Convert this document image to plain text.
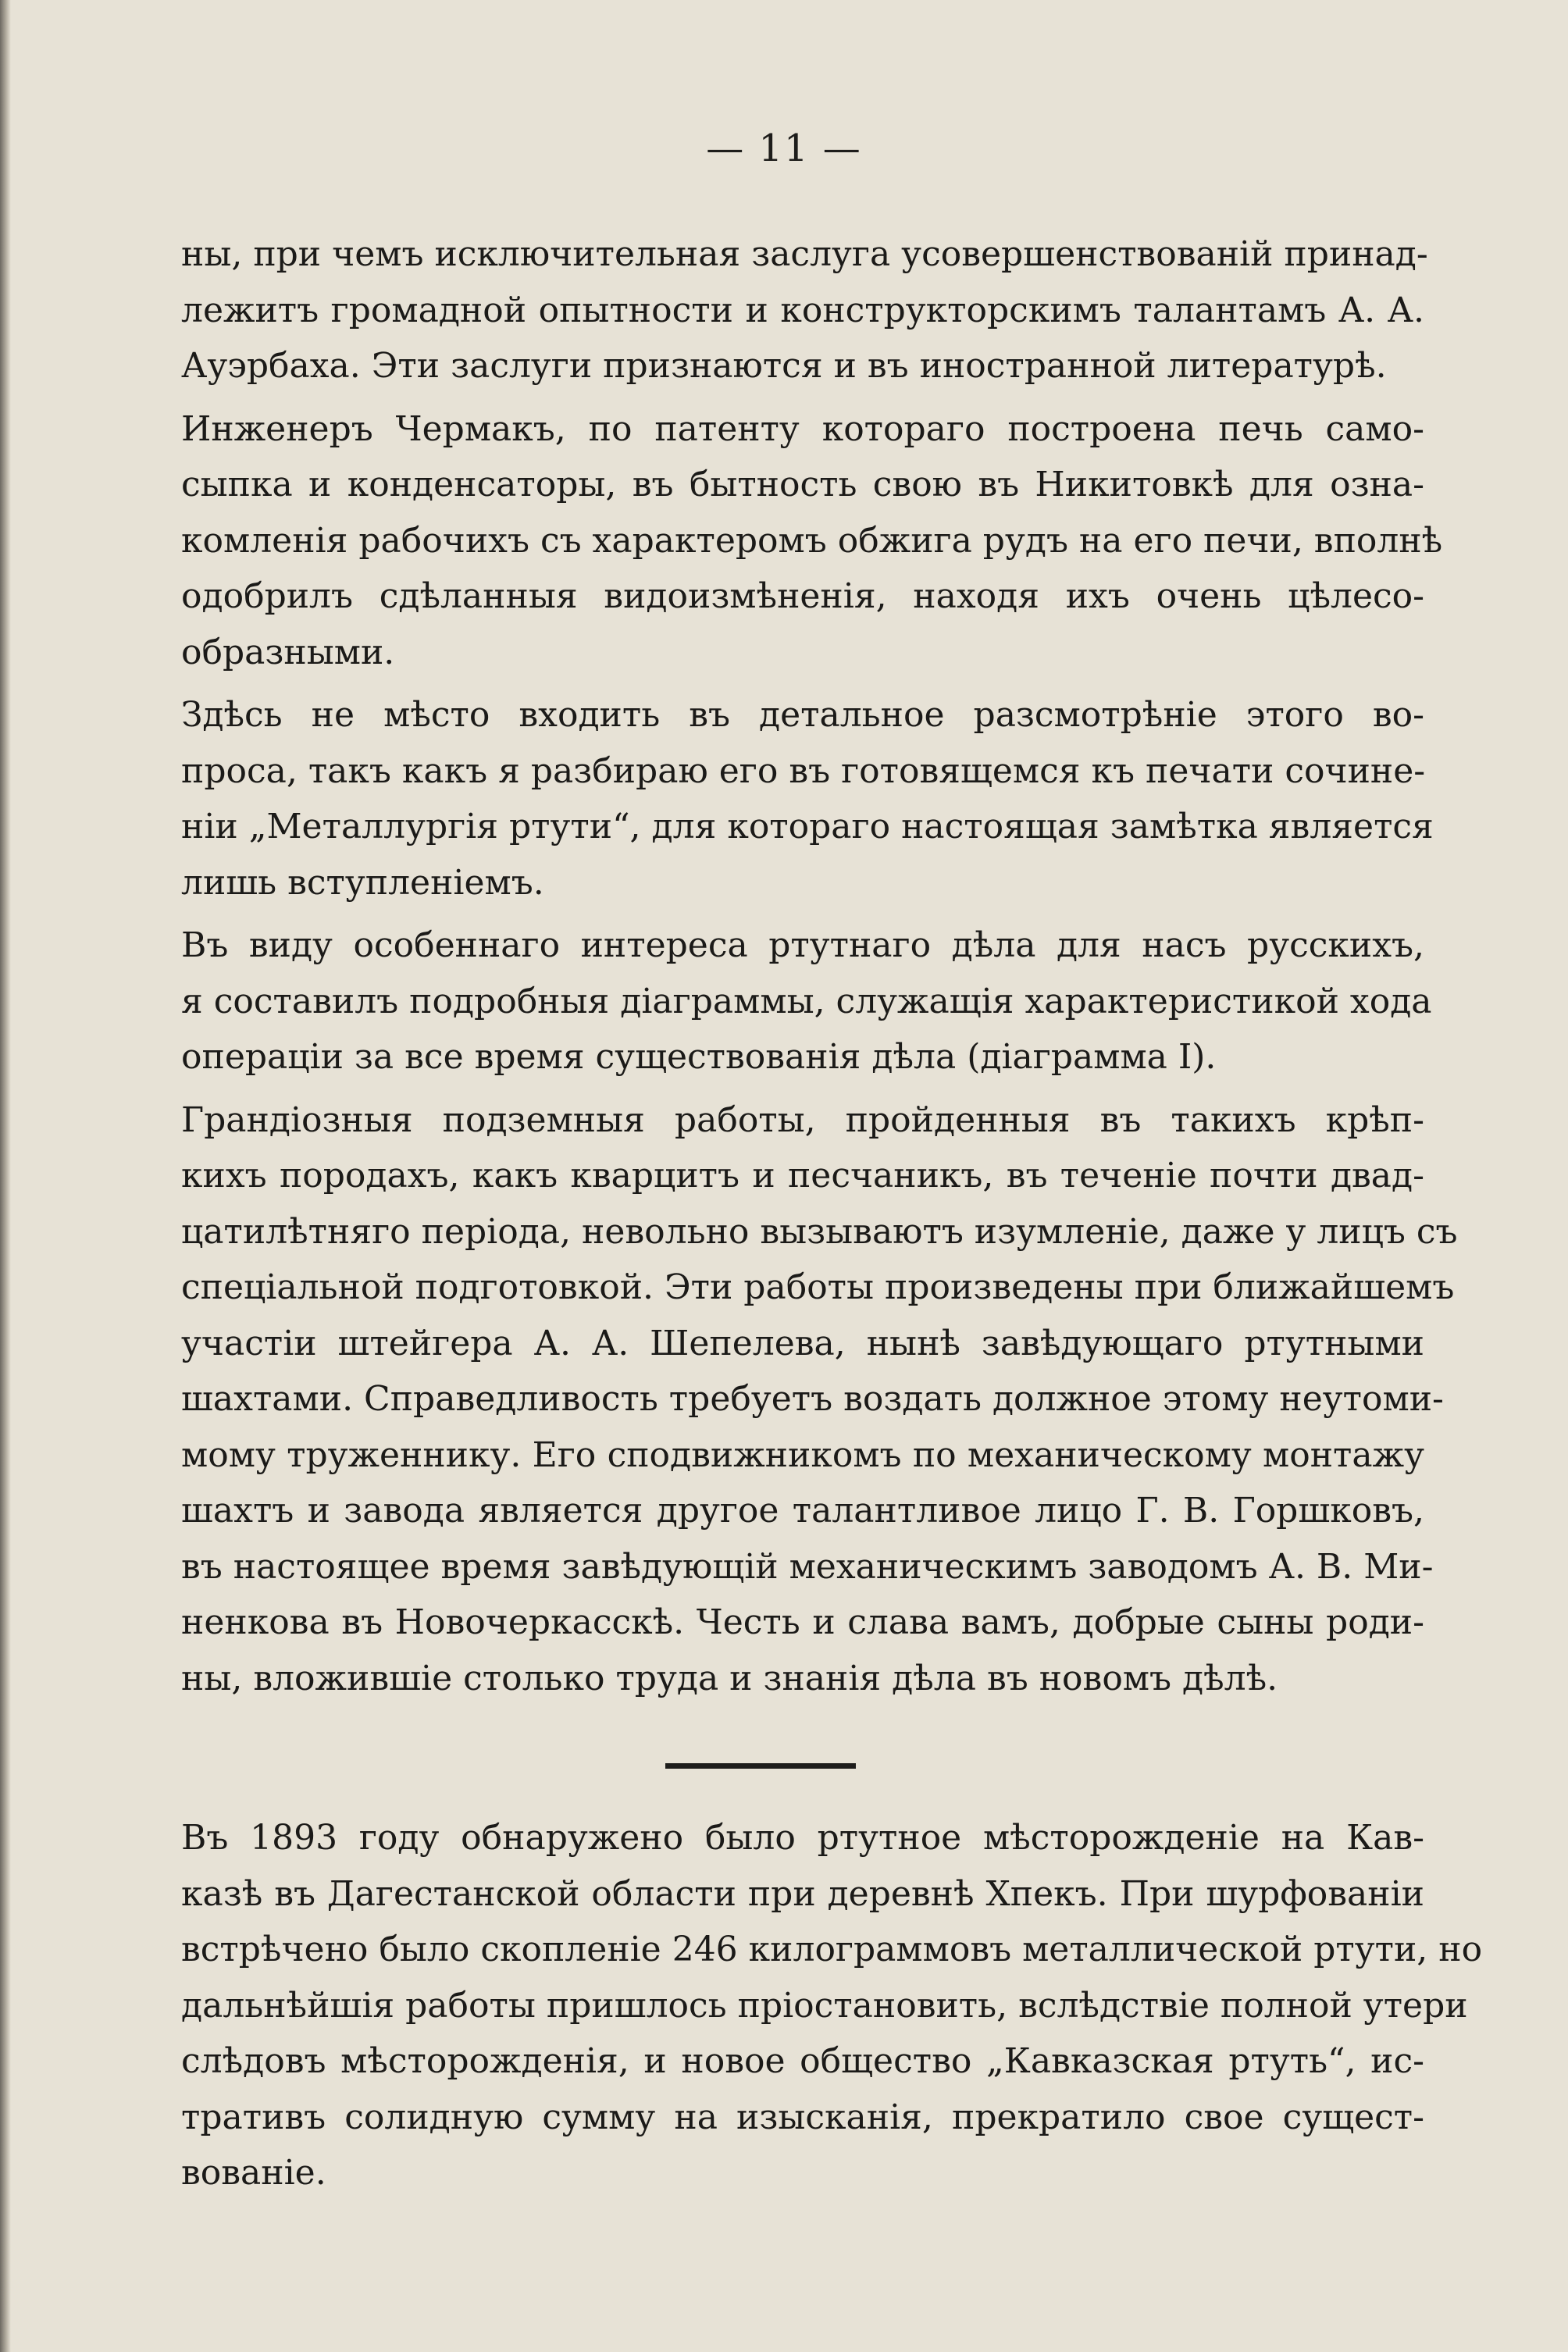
— 11 —
ны, при чемъ исключительная заслуга усовершенствованій принад-
лежитъ громадной опытности и конструкторскимъ талантамъ А. А.
Ауэрбаха. Эти заслуги признаются и въ иностранной литературѣ.
Инженеръ Чермакъ, по патенту котораго построена печь само-
сыпка и конденсаторы, въ бытность свою въ Никитовкѣ для озна-
комленія рабочихъ съ характеромъ обжига рудъ на его печи, вполнѣ
одобрилъ сдѣланныя видоизмѣненія, находя ихъ очень цѣлесо-
образными.
Здѣсь не мѣсто входить въ детальное разсмотрѣніе этого во-
проса, такъ какъ я разбираю его въ готовящемся къ печати сочине-
ніи „Металлургія ртути“, для котораго настоящая замѣтка является
лишь вступленіемъ.
Въ виду особеннаго интереса ртутнаго дѣла для насъ русскихъ,
я составилъ подробныя діаграммы, служащія характеристикой хода
операціи за все время существованія дѣла (діаграмма I).
Грандіозныя подземныя работы, пройденныя въ такихъ крѣп-
кихъ породахъ, какъ кварцитъ и песчаникъ, въ теченіе почти двад-
цатилѣтняго періода, невольно вызываютъ изумленіе, даже у лицъ съ
спеціальной подготовкой. Эти работы произведены при ближайшемъ
участіи штейгера А. А. Шепелева, нынѣ завѣдующаго ртутными
шахтами. Справедливость требуетъ воздать должное этому неутоми-
мому труженнику. Его сподвижникомъ по механическому монтажу
шахтъ и завода является другое талантливое лицо Г. В. Горшковъ,
въ настоящее время завѣдующій механическимъ заводомъ А. В. Ми-
ненкова въ Новочеркасскѣ. Честь и слава вамъ, добрые сыны роди-
ны, вложившіе столько труда и знанія дѣла въ новомъ дѣлѣ.
Въ 1893 году обнаружено было ртутное мѣсторожденіе на Кав-
казѣ въ Дагестанской области при деревнѣ Хпекъ. При шурфованіи
встрѣчено было скопленіе 246 килограммовъ металлической ртути, но
дальнѣйшія работы пришлось пріостановить, вслѣдствіе полной утери
слѣдовъ мѣсторожденія, и новое общество „Кавказская ртуть“, ис-
тративъ солидную сумму на изысканія, прекратило свое сущест-
вованіе.
